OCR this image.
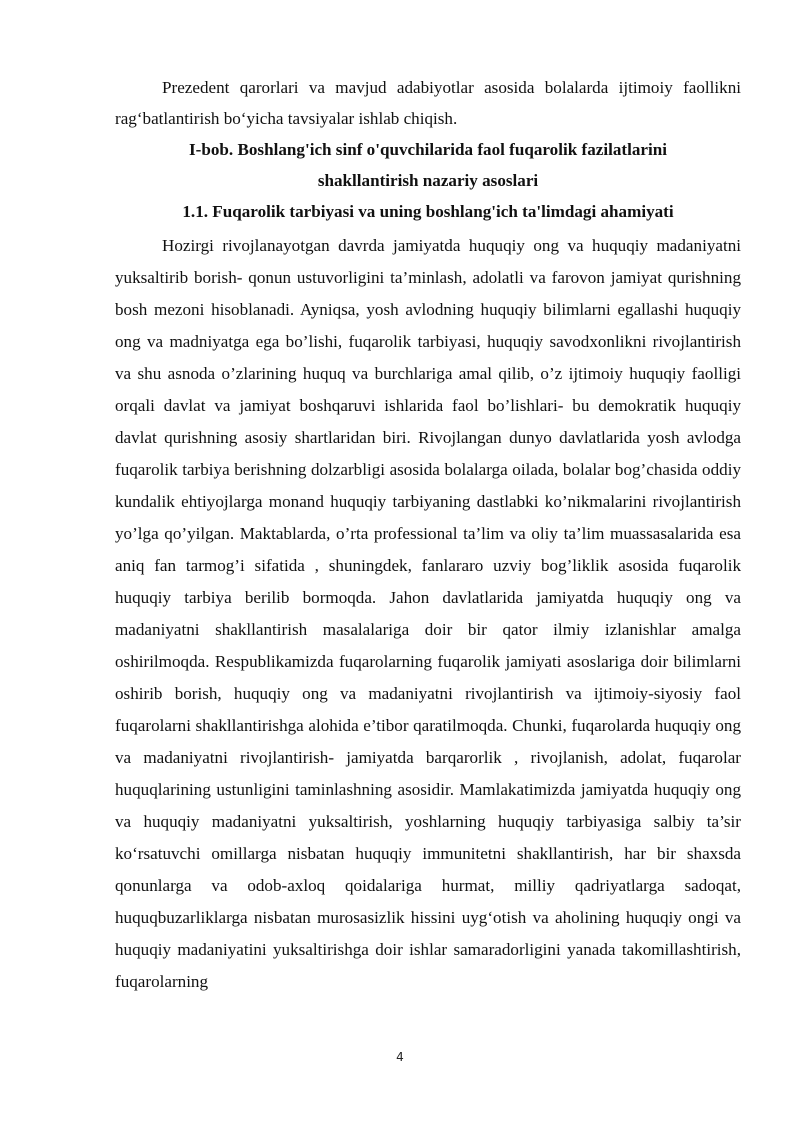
Prezedent qarorlari va mavjud adabiyotlar asosida bolalarda ijtimoiy faollikni rag‘batlantirish bo‘yicha tavsiyalar ishlab chiqish.

I-bob. Boshlang'ich sinf o'quvchilarida faol fuqarolik fazilatlarini shakllantirish nazariy asoslari
1.1. Fuqarolik tarbiyasi va uning boshlang'ich ta'limdagi ahamiyati

Hozirgi rivojlanayotgan davrda jamiyatda huquqiy ong va huquqiy madaniyatni yuksaltirib borish- qonun ustuvorligini ta’minlash, adolatli va farovon jamiyat qurishning bosh mezoni hisoblanadi. Ayniqsa, yosh avlodning huquqiy bilimlarni egallashi huquqiy ong va madniyatga ega bo’lishi, fuqarolik tarbiyasi, huquqiy savodxonlikni rivojlantirish va shu asnoda o’zlarining huquq va burchlariga amal qilib, o’z ijtimoiy huquqiy faolligi orqali davlat va jamiyat boshqaruvi ishlarida faol bo’lishlari- bu demokratik huquqiy davlat qurishning asosiy shartlaridan biri. Rivojlangan dunyo davlatlarida yosh avlodga fuqarolik tarbiya berishning dolzarbligi asosida bolalarga oilada, bolalar bog’chasida oddiy kundalik ehtiyojlarga monand huquqiy tarbiyaning dastlabki ko’nikmalarini rivojlantirish yo’lga qo’yilgan. Maktablarda, o’rta professional ta’lim va oliy ta’lim muassasalarida esa aniq fan tarmog’i sifatida , shuningdek, fanlararo uzviy bog’liklik asosida fuqarolik huquqiy tarbiya berilib bormoqda. Jahon davlatlarida jamiyatda huquqiy ong va madaniyatni shakllantirish masalalariga doir bir qator ilmiy izlanishlar amalga oshirilmoqda. Respublikamizda fuqarolarning fuqarolik jamiyati asoslariga doir bilimlarni oshirib borish, huquqiy ong va madaniyatni rivojlantirish va ijtimoiy-siyosiy faol fuqarolarni shakllantirishga alohida e’tibor qaratilmoqda. Chunki, fuqarolarda huquqiy ong va madaniyatni rivojlantirish- jamiyatda barqarorlik , rivojlanish, adolat, fuqarolar huquqlarining ustunligini taminlashning asosidir. Mamlakatimizda jamiyatda huquqiy ong va huquqiy madaniyatni yuksaltirish, yoshlarning huquqiy tarbiyasiga salbiy ta’sir ko‘rsatuvchi omillarga nisbatan huquqiy immunitetni shakllantirish, har bir shaxsda qonunlarga va odob-axloq qoidalariga hurmat, milliy qadriyatlarga sadoqat, huquqbuzarliklarga nisbatan murosasizlik hissini uyg‘otish va aholining huquqiy ongi va huquqiy madaniyatini yuksaltirishga doir ishlar samaradorligini yanada takomillashtirish, fuqarolarning

4
